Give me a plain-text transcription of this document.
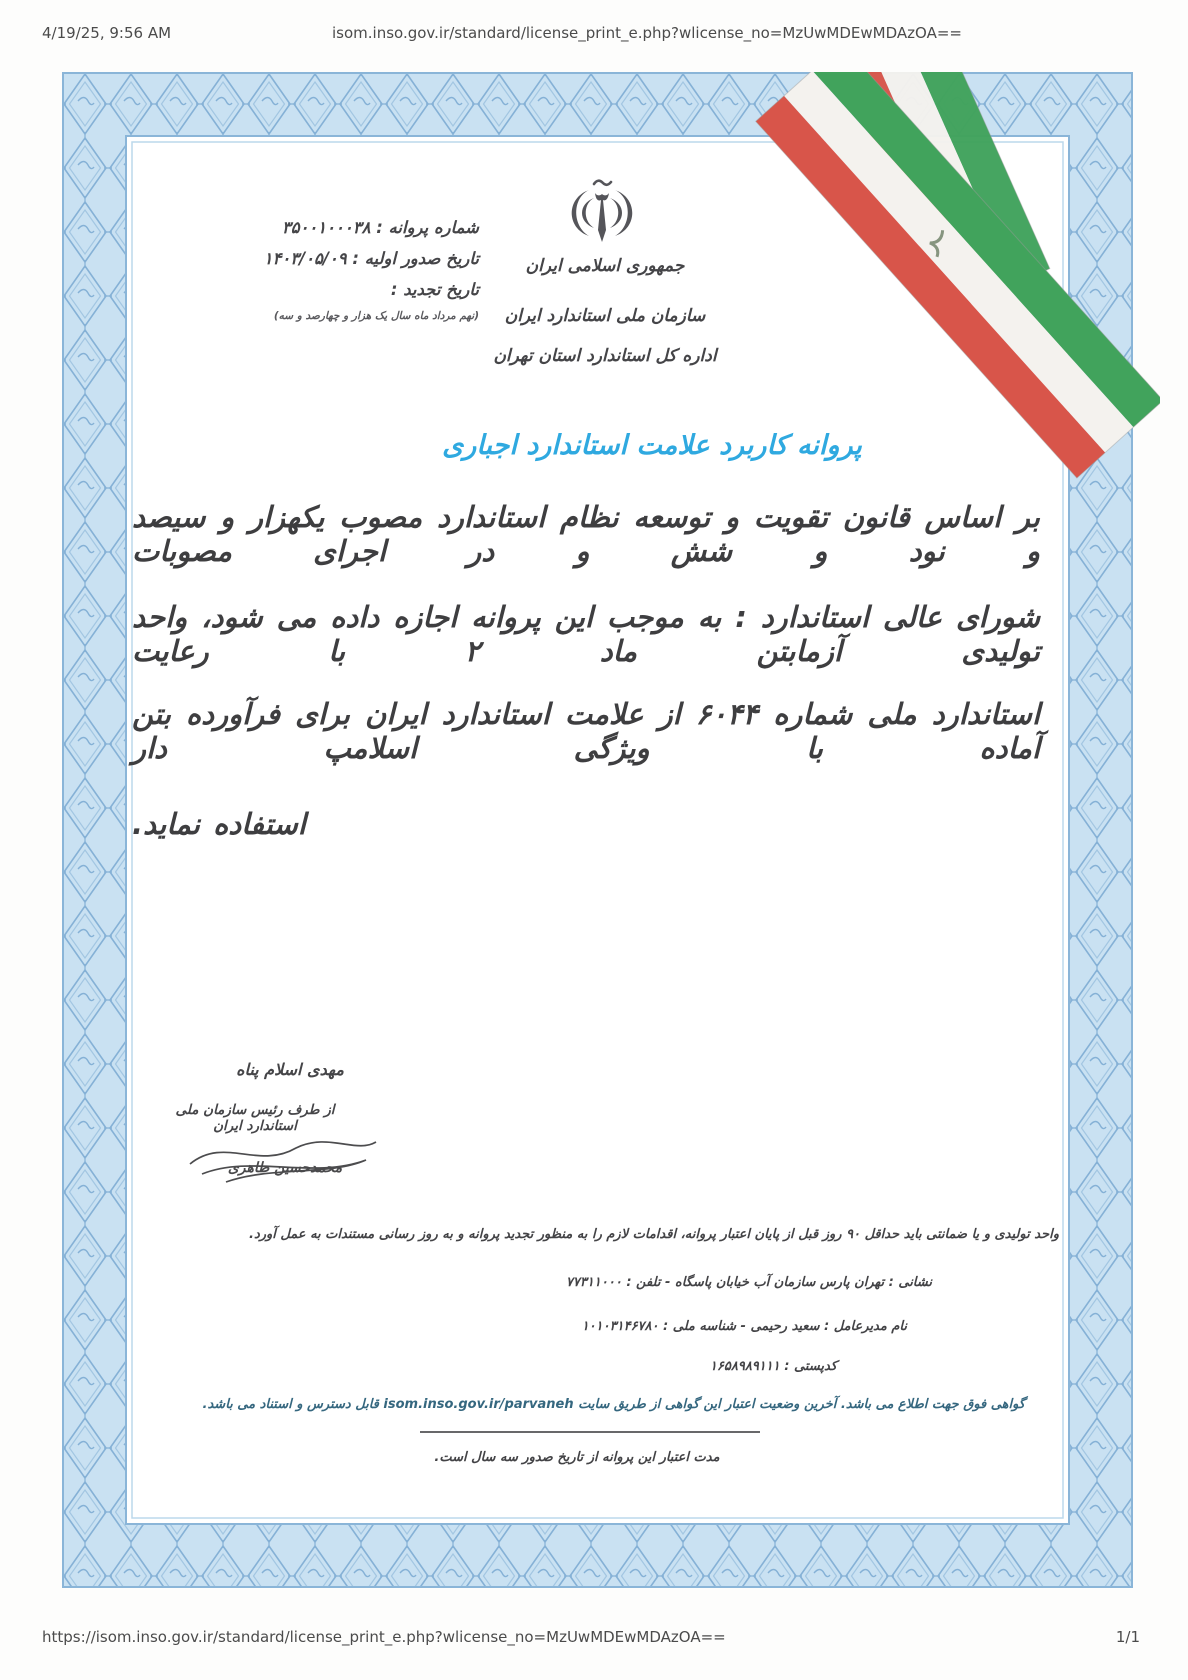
4/19/25, 9:56 AM	isom.inso.gov.ir/standard/license_print_e.php?wlicense_no=MzUwMDEwMDAzOA==
شماره پروانه : ۳۵۰۰۱۰۰۰۳۸
تاریخ صدور اولیه : ۱۴۰۳/۰۵/۰۹
تاریخ تجدید :
(نهم مرداد ماه سال یک هزار و چهارصد و سه)
جمهوری اسلامی ایران
سازمان ملی استاندارد ایران
اداره کل استاندارد استان تهران
پروانه کاربرد علامت استاندارد اجباری
بر اساس قانون تقویت و توسعه نظام استاندارد مصوب یکهزار و سیصد و نود و شش و در اجرای مصوبات
شورای عالی استاندارد : به موجب این پروانه اجازه داده می شود، واحد تولیدی آزمابتن ماد ۲ با رعایت
استاندارد ملی شماره ۶۰۴۴ از علامت استاندارد ایران برای فرآورده بتن آماده با ویژگی اسلامپ دار
استفاده نماید.
مهدی اسلام پناه
از طرف رئیس سازمان ملی استاندارد ایران
محمدحسین طاهری
واحد تولیدی و یا ضمانتی باید حداقل ۹۰ روز قبل از پایان اعتبار پروانه، اقدامات لازم را به منظور تجدید پروانه و به روز رسانی مستندات به عمل آورد.
نشانی : تهران پارس سازمان آب خیابان پاسگاه - تلفن : ۷۷۳۱۱۰۰۰
نام مدیرعامل : سعید رحیمی - شناسه ملی : ۱۰۱۰۳۱۴۶۷۸۰
کدپستی : ۱۶۵۸۹۸۹۱۱۱
گواهی فوق جهت اطلاع می باشد. آخرین وضعیت اعتبار این گواهی از طریق سایت isom.inso.gov.ir/parvaneh قابل دسترس و استناد می باشد.
مدت اعتبار این پروانه از تاریخ صدور سه سال است.
https://isom.inso.gov.ir/standard/license_print_e.php?wlicense_no=MzUwMDEwMDAzOA==	1/1
